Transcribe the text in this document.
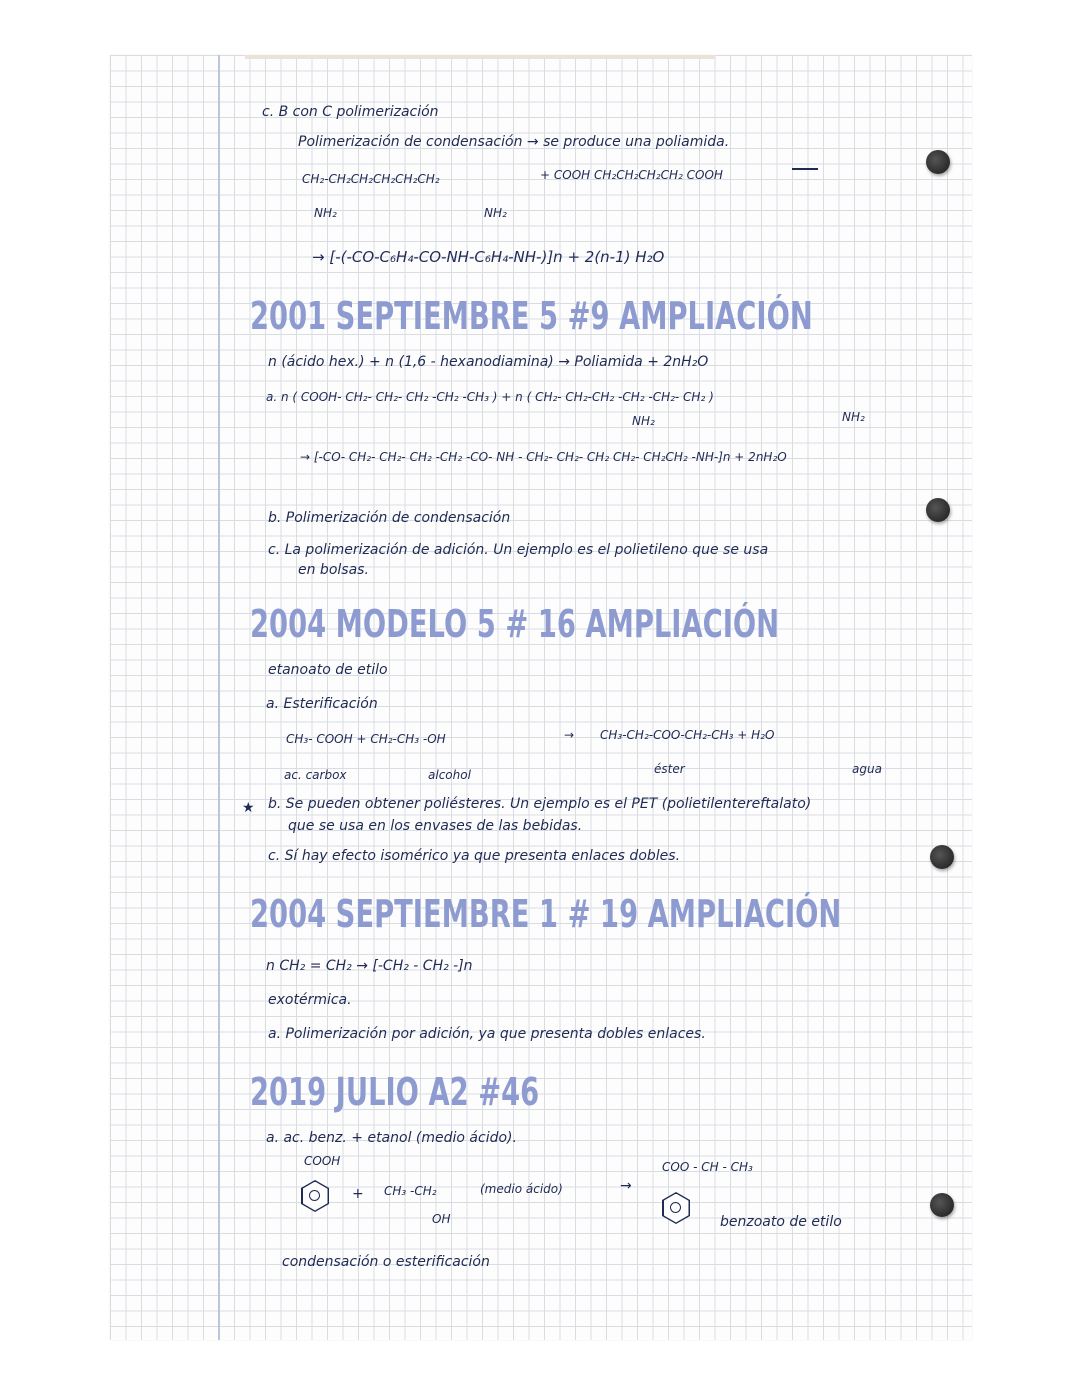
c. B con C polimerización
Polimerización de condensación → se produce una poliamida.
CH₂-CH₂CH₂CH₂CH₂CH₂	+ COOH CH₂CH₂CH₂CH₂ COOH
NH₂	NH₂
→ [-(-CO-C₆H₄-CO-NH-C₆H₄-NH-)]n + 2(n-1) H₂O
2001 SEPTIEMBRE 5 #9 AMPLIACIÓN
n (ácido hex.) + n (1,6 - hexanodiamina) → Poliamida + 2nH₂O
a. n ( COOH- CH₂- CH₂- CH₂ -CH₂ -CH₃ ) + n ( CH₂- CH₂-CH₂ -CH₂ -CH₂- CH₂ )
NH₂	NH₂
→ [-CO- CH₂- CH₂- CH₂ -CH₂ -CO- NH - CH₂- CH₂- CH₂ CH₂- CH₂CH₂ -NH-]n + 2nH₂O
b. Polimerización de condensación
c. La polimerización de adición. Un ejemplo es el polietileno que se usa
en bolsas.
2004 MODELO 5 # 16 AMPLIACIÓN
etanoato de etilo
a. Esterificación
CH₃- COOH + CH₂-CH₃ -OH	→ CH₃-CH₂-COO-CH₂-CH₃ + H₂O
ac. carbox	alcohol	éster	agua
★ b. Se pueden obtener poliésteres. Un ejemplo es el PET (polietilentereftalato)
que se usa en los envases de las bebidas.
c. Sí hay efecto isomérico ya que presenta enlaces dobles.
2004 SEPTIEMBRE 1 # 19 AMPLIACIÓN
n CH₂ = CH₂ → [-CH₂ - CH₂ -]n
exotérmica.
a. Polimerización por adición, ya que presenta dobles enlaces.
2019 JULIO A2 #46
a. ac. benz. + etanol (medio ácido).
COOH
+ CH₃ -CH₂	(medio ácido)
OH
→
COO - CH - CH₃
benzoato de etilo
condensación o esterificación
